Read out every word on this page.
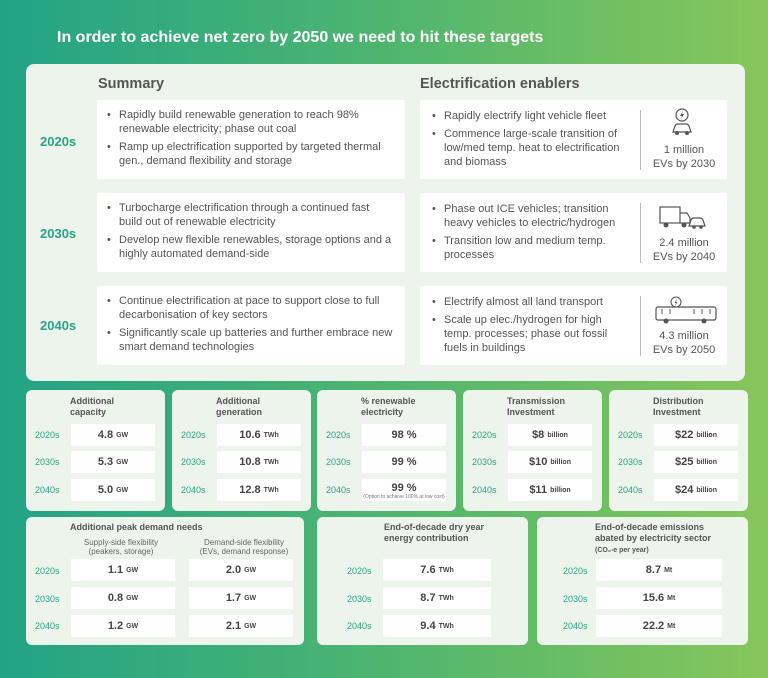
In order to achieve net zero by 2050 we need to hit these targets
Summary	Electrification enablers
2020s
• Rapidly build renewable generation to reach 98% renewable electricity; phase out coal
• Ramp up electrification supported by targeted thermal gen., demand flexibility and storage
• Rapidly electrify light vehicle fleet
• Commence large-scale transition of low/med temp. heat to electrification and biomass
1 million
EVs by 2030
2030s
• Turbocharge electrification through a continued fast build out of renewable electricity
• Develop new flexible renewables, storage options and a highly automated demand-side
• Phase out ICE vehicles; transition heavy vehicles to electric/hydrogen
• Transition low and medium temp. processes
2.4 million
EVs by 2040
2040s
• Continue electrification at pace to support close to full decarbonisation of key sectors
• Significantly scale up batteries and further embrace new smart demand technologies
• Electrify almost all land transport
• Scale up elec./hydrogen for high temp. processes; phase out fossil fuels in buildings
4.3 million
EVs by 2050
Additional capacity
2020s
2030s
2040s
4.8 GW
5.3 GW
5.0 GW
Additional generation
2020s
2030s
2040s
10.6 TWh
10.8 TWh
12.8 TWh
% renewable electricity
2020s
2030s
2040s
98 %
99 %
99 %
(Option to achieve 100% at low cost)
Transmission Investment
2020s
2030s
2040s
$8 billion
$10 billion
$11 billion
Distribution Investment
2020s
2030s
2040s
$22 billion
$25 billion
$24 billion
Additional peak demand needs
Supply-side flexibility (peakers, storage)
Demand-side flexibility (EVs, demand response)
2020s
2030s
2040s
1.1 GW
0.8 GW
1.2 GW
2.0 GW
1.7 GW
2.1 GW
End-of-decade dry year energy contribution
2020s
2030s
2040s
7.6 TWh
8.7 TWh
9.4 TWh
End-of-decade emissions abated by electricity sector
(CO₂-e per year)
2020s
2030s
2040s
8.7 Mt
15.6 Mt
22.2 Mt
